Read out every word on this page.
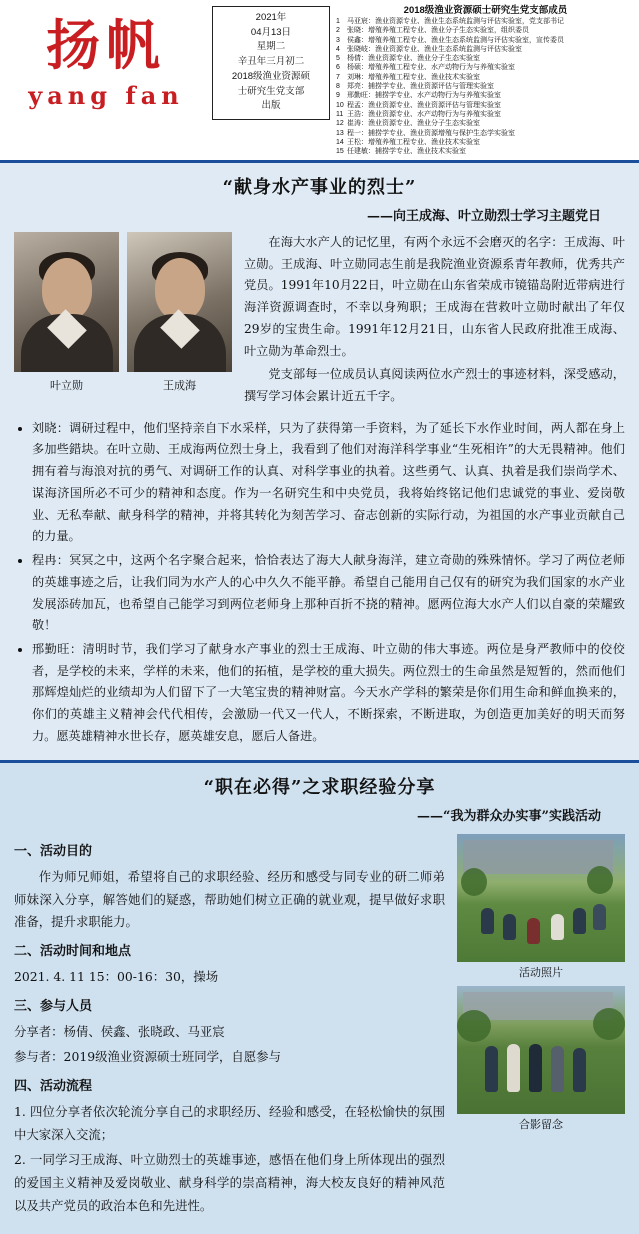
扬帆
yang fan
2021年
04月13日
星期二
辛丑年三月初二
2018级渔业资源硕
士研究生党支部
出版
2018级渔业资源硕士研究生党支部成员
1 马亚宸：渔业资源专业、渔业生态系统监测与评估实验室，党支部书记
2 张晓：增殖养殖工程专业、渔业分子生态实验室，组织委员
3 侯鑫：增殖养殖工程专业、渔业生态系统监测与评估实验室，宣传委员
4 张晓岐：渔业资源专业、渔业生态系统监测与评估实验室
5 杨倩：渔业资源专业、渔业分子生态实验室
6 杨硕：增殖养殖工程专业、水产动物行为与养殖实验室
7 刘琳：增殖养殖工程专业、渔业技术实验室
8 郑亮：捕捞学专业、渔业资源评估与管理实验室
9 邢勤旺：捕捞学专业、水产动物行为与养殖实验室
10 程孟：渔业资源专业、渔业资源评估与管理实验室
11 王浩：渔业资源专业、水产动物行为与养殖实验室
12 崔涛：渔业资源专业、渔业分子生态实验室
13 程一：捕捞学专业、渔业资源增殖与保护生态学实验室
14 王松：增殖养殖工程专业、渔业技术实验室
15 任建敏：捕捞学专业、渔业技术实验室
“献身水产事业的烈士”
——向王成海、叶立勋烈士学习主题党日
叶立勋	王成海

在海大水产人的记忆里，有两个永远不会磨灭的名字：王成海、叶立勋。王成海、叶立勋同志生前是我院渔业资源系青年教师，优秀共产党员。1991年10月22日，叶立勋在山东省荣成市镜锚岛附近带病进行海洋资源调查时，不幸以身殉职；王成海在营救叶立勋时献出了年仅29岁的宝贵生命。1991年12月21日，山东省人民政府批准王成海、叶立勋为革命烈士。

党支部每一位成员认真阅读两位水产烈士的事迹材料，深受感动，撰写学习体会累计近五千字。

• 刘晓：调研过程中，他们坚持亲自下水采样，只为了获得第一手资料，为了延长下水作业时间，两人都在身上多加些錯块。在叶立勋、王成海两位烈士身上，我看到了他们对海洋科学事业“生死相许”的大无畏精神。他们拥有着与海浪对抗的勇气、对调研工作的认真、对科学事业的执着。这些勇气、认真、执着是我们崇尚学术、谋海济国所必不可少的精神和态度。作为一名研究生和中央党员，我将始终铭记他们忠诚党的事业、爱岗敬业、无私奉献、献身科学的精神，并将其转化为刻苦学习、奋志创新的实际行动，为祖国的水产事业贡献自己的力量。
• 程冉：冥冥之中，这两个名字聚合起来，恰恰表达了海大人献身海洋，建立奇勋的殊殊情怀。学习了两位老师的英雄事迹之后，让我们同为水产人的心中久久不能平静。希望自己能用自己仅有的研究为我们国家的水产业发展添砖加瓦，也希望自己能学习到两位老师身上那种百折不挠的精神。愿两位海大水产人们以自豪的荣耀致敬！
• 邢勤旺：清明时节，我们学习了献身水产事业的烈士王成海、叶立勋的伟大事迹。两位是身严教师中的佼佼者，是学校的未来，学样的未来，他们的拓植，是学校的重大损失。两位烈士的生命虽然是短暂的，然而他们那辉煌灿烂的业绩却为人们留下了一大笔宝贵的精神财富。今天水产学科的繁荣是你们用生命和鲜血换来的，你们的英雄主义精神会代代相传，会激励一代又一代人，不断探索，不断进取，为创造更加美好的明天而努力。愿英雄精神水世长存，愿英雄安息，愿后人备进。
“职在必得”之求职经验分享
——“我为群众办实事”实践活动
一、活动目的

作为师兄师姐，希望将自己的求职经验、经历和感受与同专业的研二师弟师妹深入分享，解答她们的疑惑，帮助她们树立正确的就业观，提早做好求职准备，提升求职能力。

二、活动时间和地点

2021. 4. 11 15：00-16：30，操场

三、参与人员

分享者：杨倩、侯鑫、张晓政、马亚宸

参与者：2019级渔业资源硕士班同学，自愿参与

四、活动流程

1. 四位分享者依次轮流分享自己的求职经历、经验和感受，在轻松愉快的氛围中大家深入交流；

2. 一同学习王成海、叶立勋烈士的英雄事迹，感悟在他们身上所体现出的强烈的爱国主义精神及爱岗敬业、献身科学的崇高精神，海大校友良好的精神风范以及共产党员的政治本色和先进性。

活动照片
合影留念
